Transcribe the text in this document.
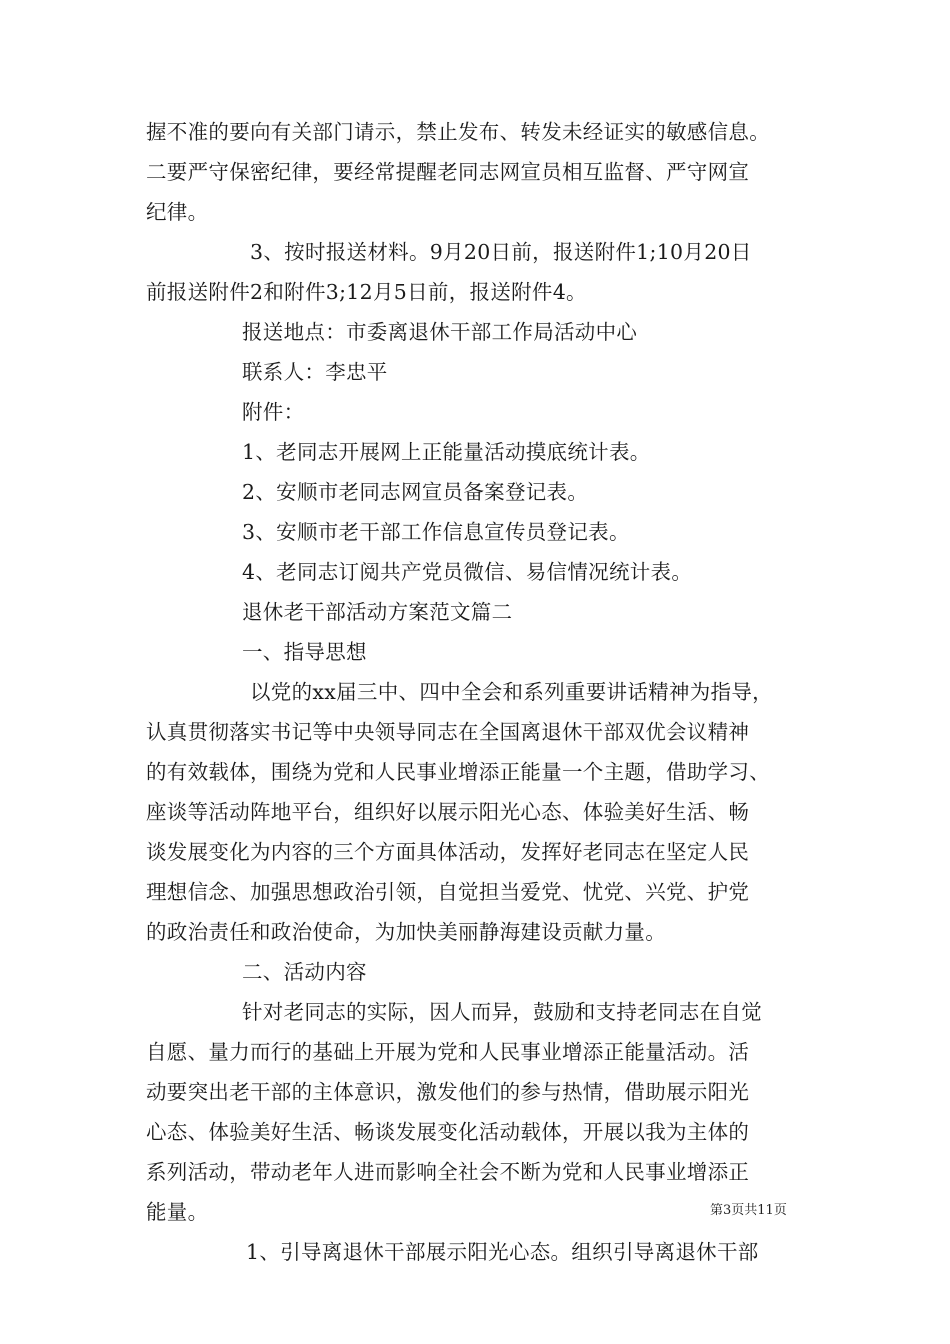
握不准的要向有关部门请示，禁止发布、转发未经证实的敏感信息。
二要严守保密纪律，要经常提醒老同志网宣员相互监督、严守网宣
纪律。
3、按时报送材料。9月20日前，报送附件1;10月20日
前报送附件2和附件3;12月5日前，报送附件4。
报送地点：市委离退休干部工作局活动中心
联系人：李忠平
附件：
1、老同志开展网上正能量活动摸底统计表。
2、安顺市老同志网宣员备案登记表。
3、安顺市老干部工作信息宣传员登记表。
4、老同志订阅共产党员微信、易信情况统计表。
退休老干部活动方案范文篇二
一、指导思想
以党的xx届三中、四中全会和系列重要讲话精神为指导，
认真贯彻落实书记等中央领导同志在全国离退休干部双优会议精神
的有效载体，围绕为党和人民事业增添正能量一个主题，借助学习、
座谈等活动阵地平台，组织好以展示阳光心态、体验美好生活、畅
谈发展变化为内容的三个方面具体活动，发挥好老同志在坚定人民
理想信念、加强思想政治引领，自觉担当爱党、忧党、兴党、护党
的政治责任和政治使命，为加快美丽静海建设贡献力量。
二、活动内容
针对老同志的实际，因人而异，鼓励和支持老同志在自觉
自愿、量力而行的基础上开展为党和人民事业增添正能量活动。活
动要突出老干部的主体意识，激发他们的参与热情，借助展示阳光
心态、体验美好生活、畅谈发展变化活动载体，开展以我为主体的
系列活动，带动老年人进而影响全社会不断为党和人民事业增添正
能量。
1、引导离退休干部展示阳光心态。组织引导离退休干部
第3页共11页
